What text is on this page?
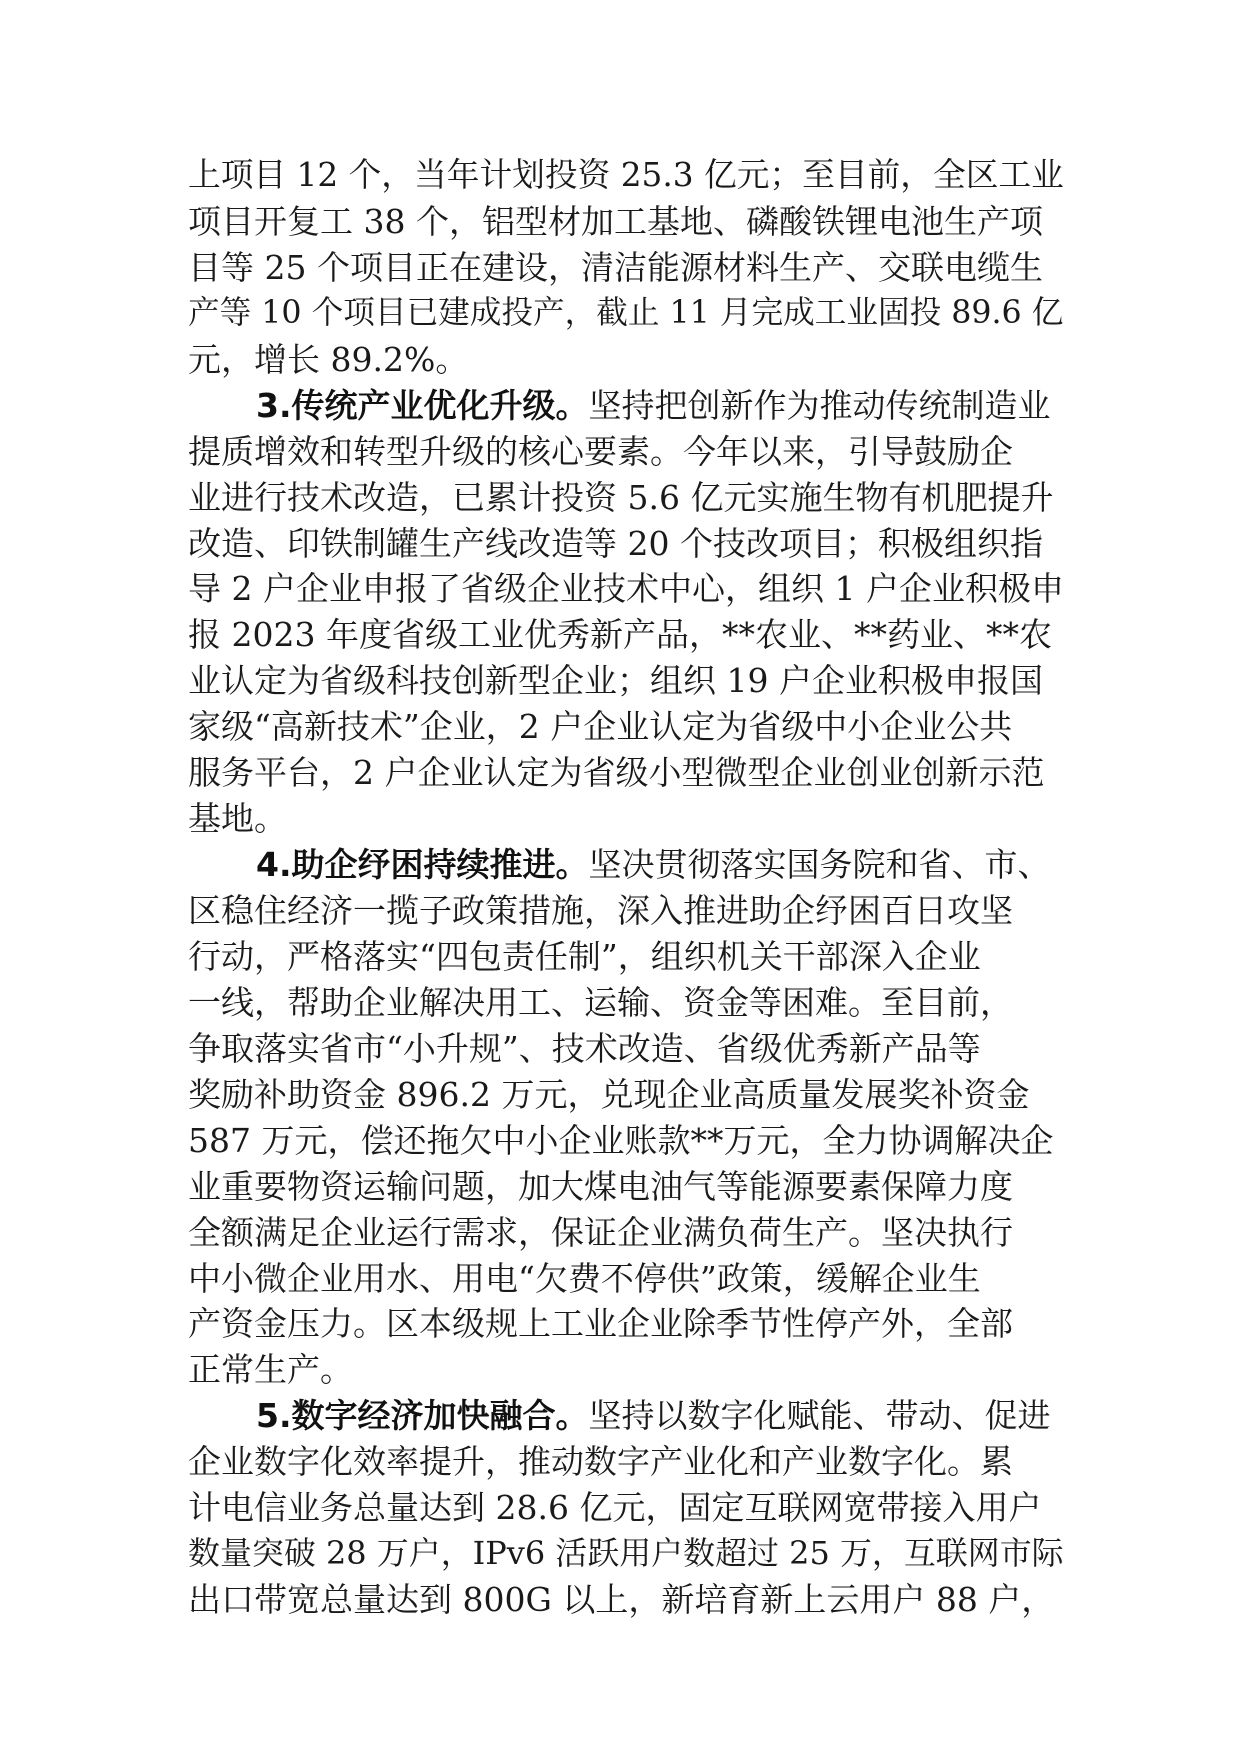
上项目 12 个，当年计划投资 25.3 亿元；至目前，全区工业
项目开复工 38 个，铝型材加工基地、磷酸铁锂电池生产项
目等 25 个项目正在建设，清洁能源材料生产、交联电缆生
产等 10 个项目已建成投产，截止 11 月完成工业固投 89.6 亿
元，增长 89.2%。
3.传统产业优化升级。坚持把创新作为推动传统制造业
提质增效和转型升级的核心要素。今年以来，引导鼓励企
业进行技术改造，已累计投资 5.6 亿元实施生物有机肥提升
改造、印铁制罐生产线改造等 20 个技改项目；积极组织指
导 2 户企业申报了省级企业技术中心，组织 1 户企业积极申
报 2023 年度省级工业优秀新产品，**农业、**药业、**农
业认定为省级科技创新型企业；组织 19 户企业积极申报国
家级“高新技术”企业，2 户企业认定为省级中小企业公共
服务平台，2 户企业认定为省级小型微型企业创业创新示范
基地。
4.助企纾困持续推进。坚决贯彻落实国务院和省、市、
区稳住经济一揽子政策措施，深入推进助企纾困百日攻坚
行动，严格落实“四包责任制”，组织机关干部深入企业
一线，帮助企业解决用工、运输、资金等困难。至目前，
争取落实省市“小升规”、技术改造、省级优秀新产品等
奖励补助资金 896.2 万元，兑现企业高质量发展奖补资金
587 万元，偿还拖欠中小企业账款**万元，全力协调解决企
业重要物资运输问题，加大煤电油气等能源要素保障力度
全额满足企业运行需求，保证企业满负荷生产。坚决执行
中小微企业用水、用电“欠费不停供”政策，缓解企业生
产资金压力。区本级规上工业企业除季节性停产外，全部
正常生产。
5.数字经济加快融合。坚持以数字化赋能、带动、促进
企业数字化效率提升，推动数字产业化和产业数字化。累
计电信业务总量达到 28.6 亿元，固定互联网宽带接入用户
数量突破 28 万户，IPv6 活跃用户数超过 25 万，互联网市际
出口带宽总量达到 800G 以上，新培育新上云用户 88 户，
